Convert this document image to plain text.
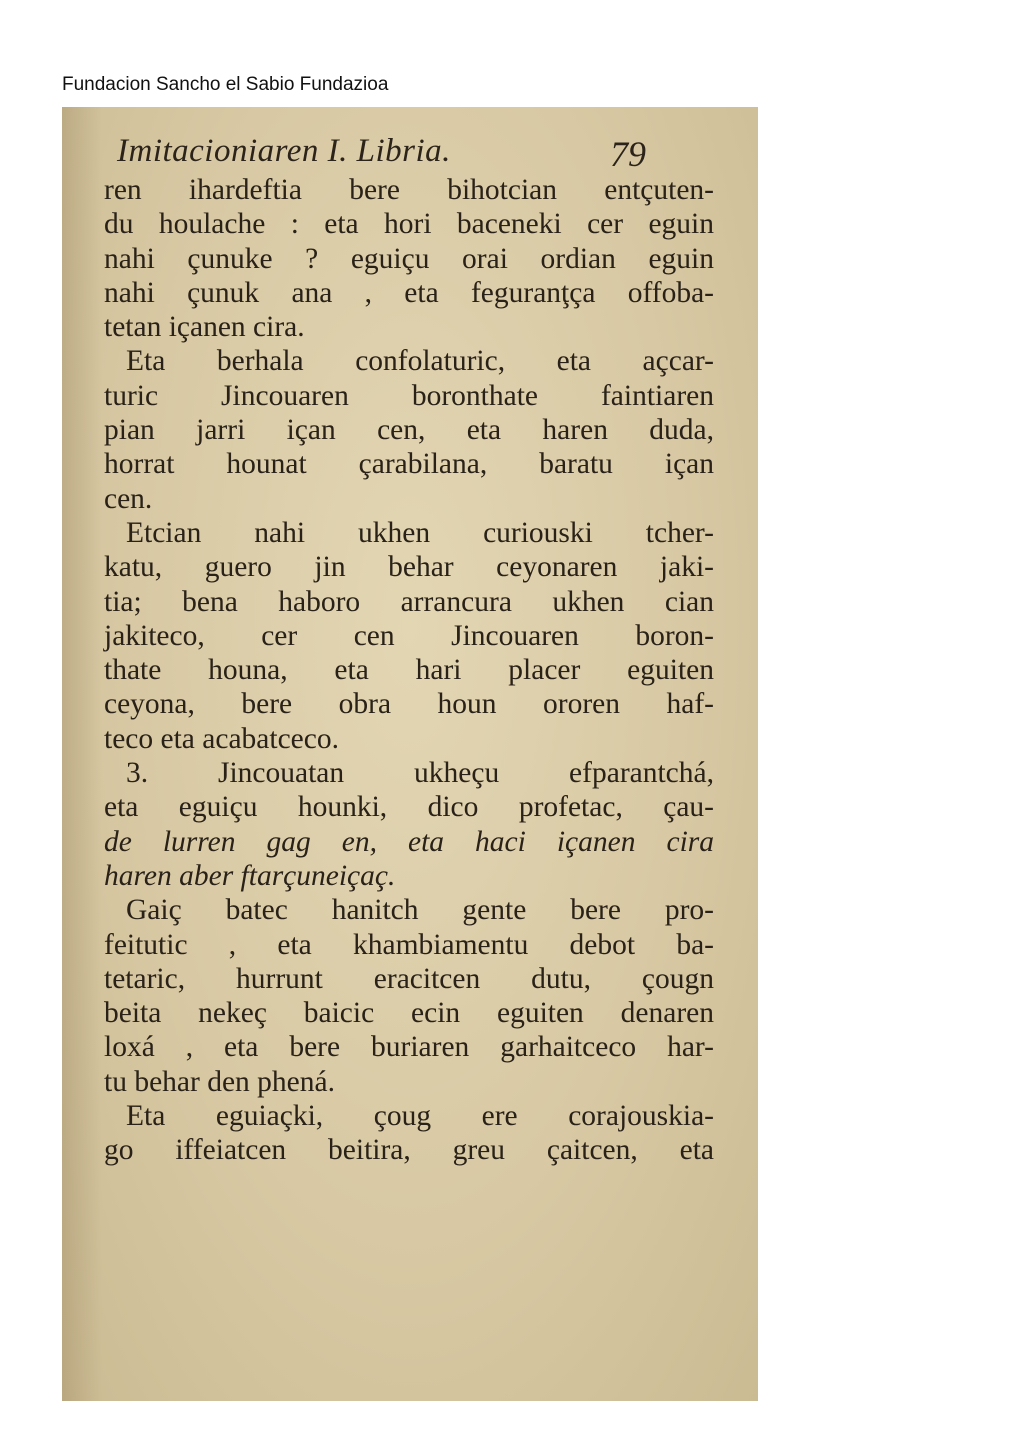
Fundacion Sancho el Sabio Fundazioa
Imitacioniaren I. Libria.	79
ren ihardeftia bere bihotcian entçuten-
du houlache : eta hori baceneki cer eguin
nahi çunuke ? eguiçu orai ordian eguin
nahi çunuk ana , eta feguranţça offoba-
tetan içanen cira.
Eta berhala confolaturic, eta açcar-
turic Jincouaren boronthate faintiaren
pian jarri içan cen, eta haren duda,
horrat hounat çarabilana, baratu içan
cen.
Etcian nahi ukhen curiouski tcher-
katu, guero jin behar ceyonaren jaki-
tia; bena haboro arrancura ukhen cian
jakiteco, cer cen Jincouaren boron-
thate houna, eta hari placer eguiten
ceyona, bere obra houn ororen haf-
teco eta acabatceco.
3. Jincouatan ukheçu efparantchá,
eta eguiçu hounki, dico profetac, çau-
de lurren gag en, eta haci içanen cira
haren aber ftarçuneiçaç.
Gaiç batec hanitch gente bere pro-
feitutic , eta khambiamentu debot ba-
tetaric, hurrunt eracitcen dutu, çougn
beita nekeç baicic ecin eguiten denaren
loxá , eta bere buriaren garhaitceco har-
tu behar den phená.
Eta eguiaçki, çoug ere corajouskia-
go iffeiatcen beitira, greu çaitcen, eta
